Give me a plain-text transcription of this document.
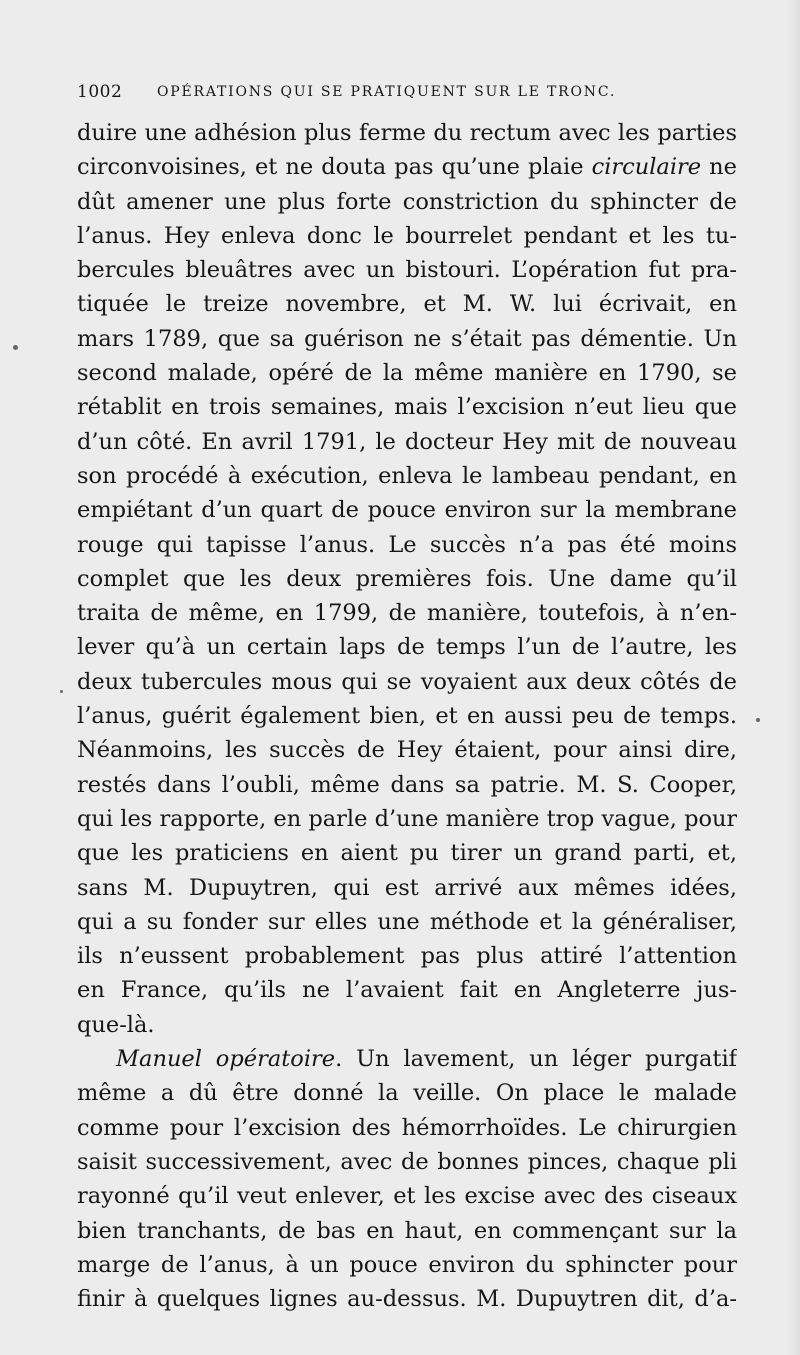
1002 OPÉRATIONS QUI SE PRATIQUENT SUR LE TRONC.
duire une adhésion plus ferme du rectum avec les parties
circonvoisines, et ne douta pas qu’une plaie circulaire ne
dût amener une plus forte constriction du sphincter de
l’anus. Hey enleva donc le bourrelet pendant et les tu-
bercules bleuâtres avec un bistouri. L’opération fut pra-
tiquée le treize novembre, et M. W. lui écrivait, en
mars 1789, que sa guérison ne s’était pas démentie. Un
second malade, opéré de la même manière en 1790, se
rétablit en trois semaines, mais l’excision n’eut lieu que
d’un côté. En avril 1791, le docteur Hey mit de nouveau
son procédé à exécution, enleva le lambeau pendant, en
empiétant d’un quart de pouce environ sur la membrane
rouge qui tapisse l’anus. Le succès n’a pas été moins
complet que les deux premières fois. Une dame qu’il
traita de même, en 1799, de manière, toutefois, à n’en-
lever qu’à un certain laps de temps l’un de l’autre, les
deux tubercules mous qui se voyaient aux deux côtés de
l’anus, guérit également bien, et en aussi peu de temps.
Néanmoins, les succès de Hey étaient, pour ainsi dire,
restés dans l’oubli, même dans sa patrie. M. S. Cooper,
qui les rapporte, en parle d’une manière trop vague, pour
que les praticiens en aient pu tirer un grand parti, et,
sans M. Dupuytren, qui est arrivé aux mêmes idées,
qui a su fonder sur elles une méthode et la généraliser,
ils n’eussent probablement pas plus attiré l’attention
en France, qu’ils ne l’avaient fait en Angleterre jus-
que-là.
Manuel opératoire. Un lavement, un léger purgatif
même a dû être donné la veille. On place le malade
comme pour l’excision des hémorrhoïdes. Le chirurgien
saisit successivement, avec de bonnes pinces, chaque pli
rayonné qu’il veut enlever, et les excise avec des ciseaux
bien tranchants, de bas en haut, en commençant sur la
marge de l’anus, à un pouce environ du sphincter pour
finir à quelques lignes au-dessus. M. Dupuytren dit, d’a-
